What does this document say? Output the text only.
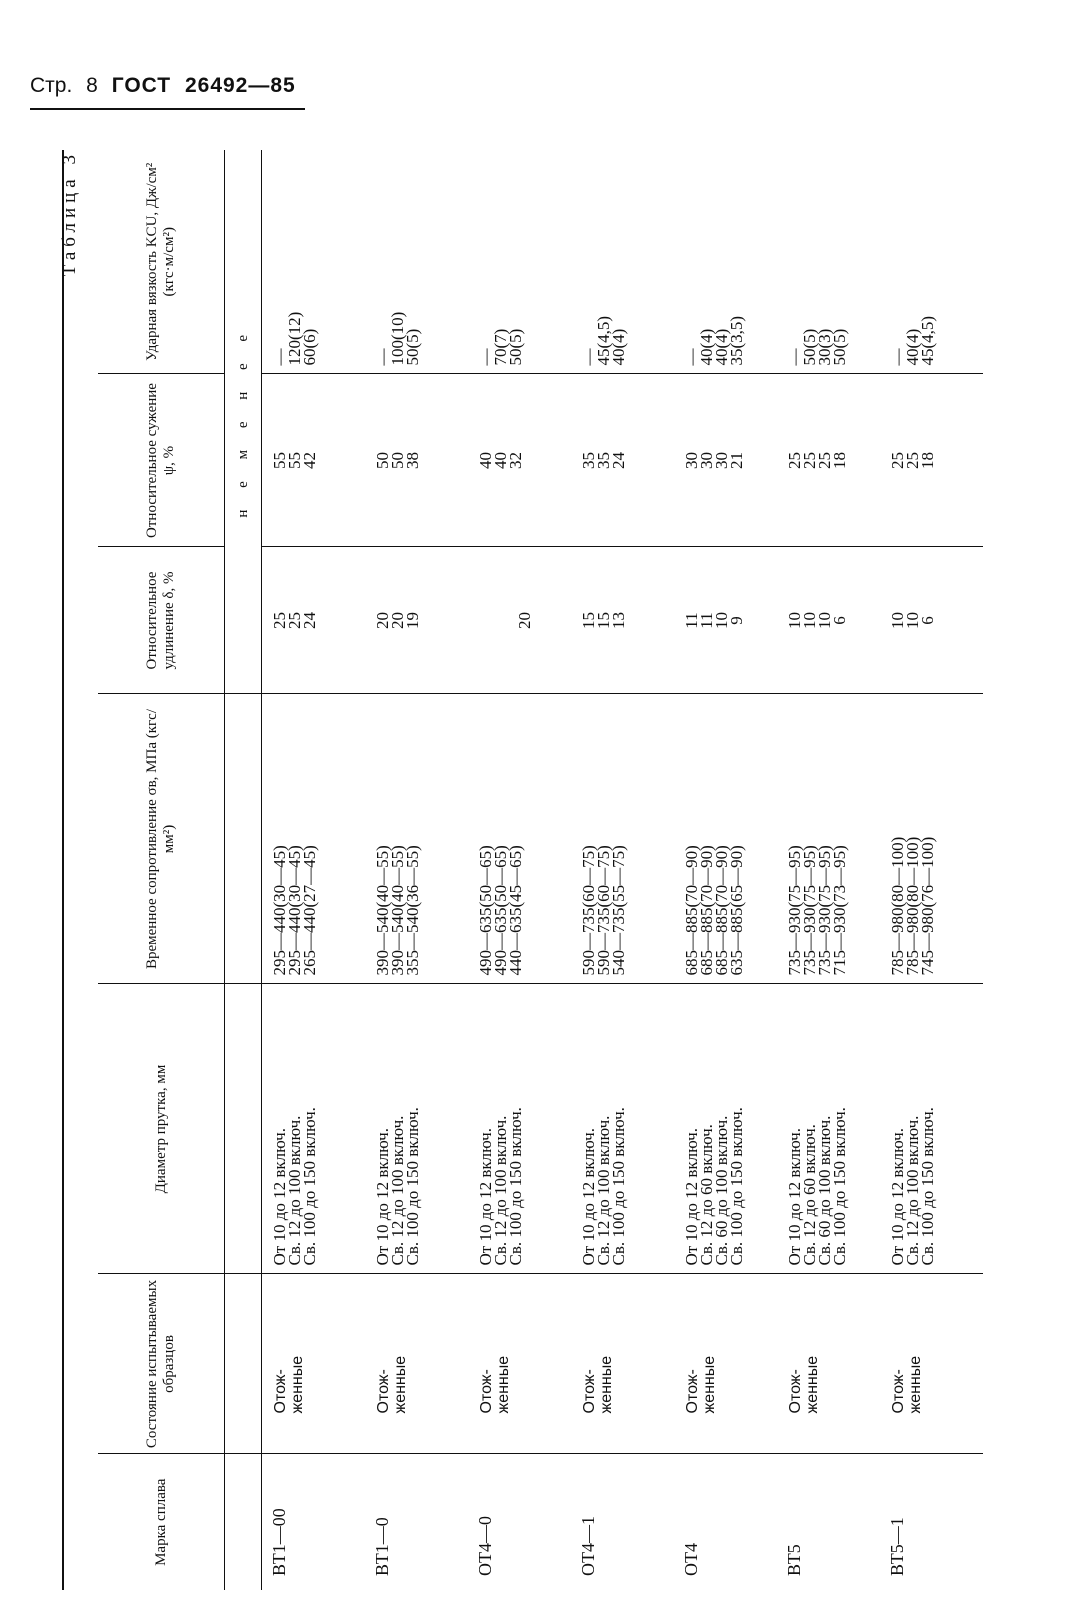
Стр. 8 ГОСТ 26492—85
Таблица 3
Марка сплава	Состояние испытываемых образцов	Диаметр прутка, мм	Временное сопротивление σв, МПа (кгс/мм²)	Относительное удлинение δ, %	Относительное сужение ψ, %	Ударная вязкость KCU, Дж/см² (кгс·м/см²)
				н е м е н е е		

ВТ1—00	Отож- женные	От 10 до 12 включ.
Св. 12 до 100 включ.
Св. 100 до 150 включ.	295—440(30—45)
295—440(30—45)
265—440(27—45)	25
25
24	55
55
42	—
120(12)
60(6)

ВТ1—0	Отож- женные	От 10 до 12 включ.
Св. 12 до 100 включ.
Св. 100 до 150 включ.	390—540(40—55)
390—540(40—55)
355—540(36—55)	20
20
19	50
50
38	—
100(10)
50(5)

ОТ4—0	Отож- женные	От 10 до 12 включ.
Св. 12 до 100 включ.
Св. 100 до 150 включ.	490—635(50—65)
490—635(50—65)
440—635(45—65)	20	40
40
32	—
70(7)
50(5)

ОТ4—1	Отож- женные	От 10 до 12 включ.
Св. 12 до 100 включ.
Св. 100 до 150 включ.	590—735(60—75)
590—735(60—75)
540—735(55—75)	15
15
13	35
35
24	—
45(4,5)
40(4)

ОТ4	Отож- женные	От 10 до 12 включ.
Св. 12 до 60 включ.
Св. 60 до 100 включ.
Св. 100 до 150 включ.	685—885(70—90)
685—885(70—90)
685—885(70—90)
635—885(65—90)	11
11
10
9	30
30
30
21	—
40(4)
40(4)
35(3,5)

ВТ5	Отож- женные	От 10 до 12 включ.
Св. 12 до 60 включ.
Св. 60 до 100 включ.
Св. 100 до 150 включ.	735—930(75—95)
735—930(75—95)
735—930(75—95)
715—930(73—95)	10
10
10
6	25
25
25
18	—
50(5)
30(3)
50(5)

ВТ5—1	Отож- женные	От 10 до 12 включ.
Св. 12 до 100 включ.
Св. 100 до 150 включ.	785—980(80—100)
785—980(80—100)
745—980(76—100)	10
10
6	25
25
18	—
40(4)
45(4,5)
